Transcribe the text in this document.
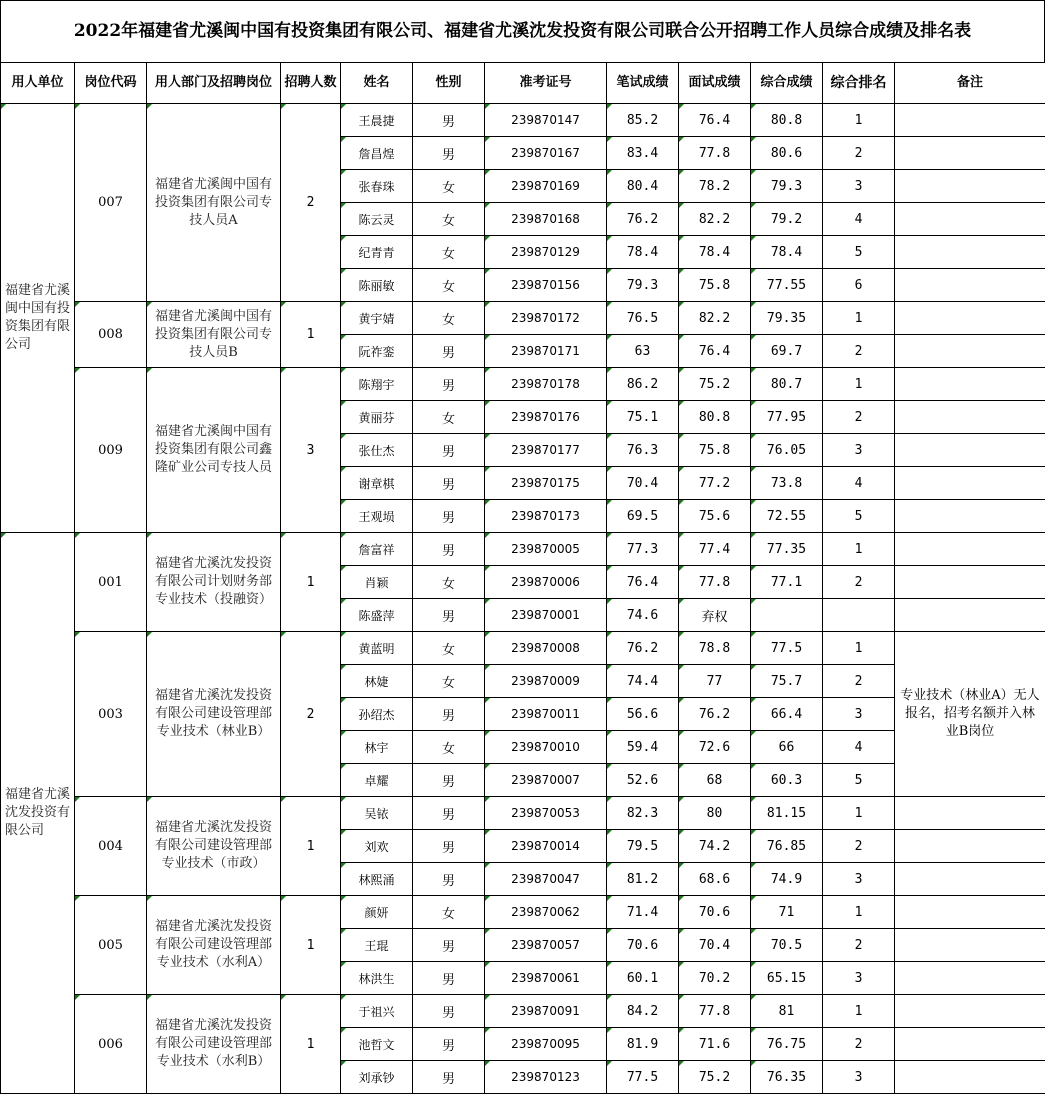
2022年福建省尤溪闽中国有投资集团有限公司、福建省尤溪沈发投资有限公司联合公开招聘工作人员综合成绩及排名表
用人单位	岗位代码	用人部门及招聘岗位	招聘人数	姓名	性别	准考证号	笔试成绩	面试成绩	综合成绩	综合排名	备注
福建省尤溪闽中国有投资集团有限公司	007	福建省尤溪闽中国有投资集团有限公司专技人员A	2	王晨捷	男	239870147	85.2	76.4	80.8	1	
				詹昌煌	男	239870167	83.4	77.8	80.6	2	
				张春珠	女	239870169	80.4	78.2	79.3	3	
				陈云灵	女	239870168	76.2	82.2	79.2	4	
				纪青青	女	239870129	78.4	78.4	78.4	5	
				陈丽敏	女	239870156	79.3	75.8	77.55	6	
	008	福建省尤溪闽中国有投资集团有限公司专技人员B	1	黄宇婧	女	239870172	76.5	82.2	79.35	1	
				阮祚銮	男	239870171	63	76.4	69.7	2	
	009	福建省尤溪闽中国有投资集团有限公司鑫隆矿业公司专技人员	3	陈翔宇	男	239870178	86.2	75.2	80.7	1	
				黄丽芬	女	239870176	75.1	80.8	77.95	2	
				张仕杰	男	239870177	76.3	75.8	76.05	3	
				谢章棋	男	239870175	70.4	77.2	73.8	4	
				王观埙	男	239870173	69.5	75.6	72.55	5	
福建省尤溪沈发投资有限公司	001	福建省尤溪沈发投资有限公司计划财务部专业技术（投融资）	1	詹富祥	男	239870005	77.3	77.4	77.35	1	
				肖颖	女	239870006	76.4	77.8	77.1	2	
				陈盛萍	男	239870001	74.6	弃权			
	003	福建省尤溪沈发投资有限公司建设管理部专业技术（林业B）	2	黄蓝明	女	239870008	76.2	78.8	77.5	1	专业技术（林业A）无人报名，招考名额并入林业B岗位
				林婕	女	239870009	74.4	77	75.7	2	
				孙绍杰	男	239870011	56.6	76.2	66.4	3	
				林宇	女	239870010	59.4	72.6	66	4	
				卓耀	男	239870007	52.6	68	60.3	5	
	004	福建省尤溪沈发投资有限公司建设管理部专业技术（市政）	1	吴铱	男	239870053	82.3	80	81.15	1	
				刘欢	男	239870014	79.5	74.2	76.85	2	
				林熙涌	男	239870047	81.2	68.6	74.9	3	
	005	福建省尤溪沈发投资有限公司建设管理部专业技术（水利A）	1	颜妍	女	239870062	71.4	70.6	71	1	
				王琨	男	239870057	70.6	70.4	70.5	2	
				林洪生	男	239870061	60.1	70.2	65.15	3	
	006	福建省尤溪沈发投资有限公司建设管理部专业技术（水利B）	1	于祖兴	男	239870091	84.2	77.8	81	1	
				池哲文	男	239870095	81.9	71.6	76.75	2	
				刘承钞	男	239870123	77.5	75.2	76.35	3	
